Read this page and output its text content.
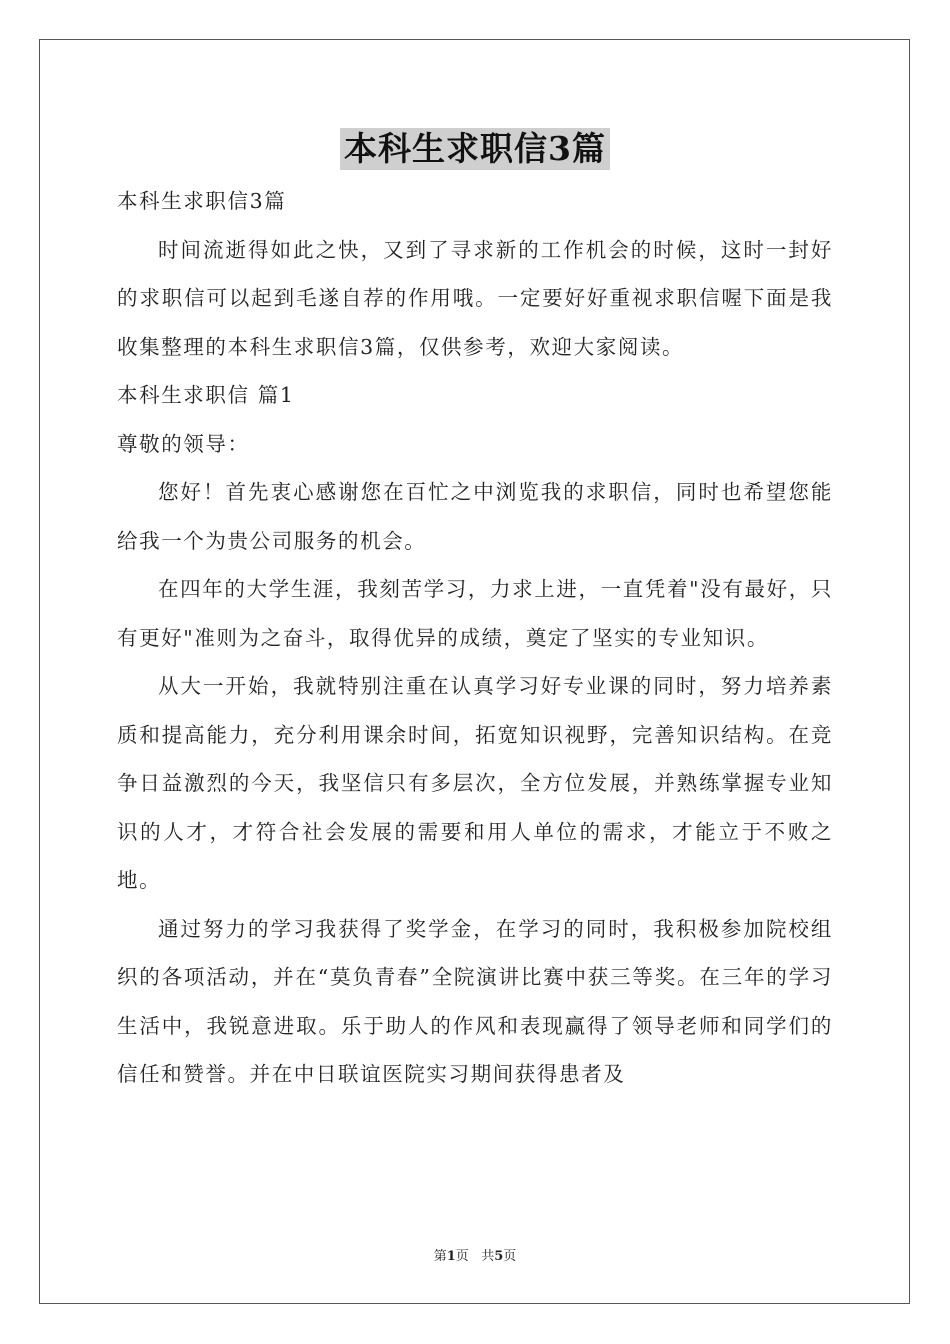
本科生求职信3篇

本科生求职信3篇

时间流逝得如此之快，又到了寻求新的工作机会的时候，这时一封好的求职信可以起到毛遂自荐的作用哦。一定要好好重视求职信喔下面是我收集整理的本科生求职信3篇，仅供参考，欢迎大家阅读。

本科生求职信 篇1

尊敬的领导：

您好！首先衷心感谢您在百忙之中浏览我的求职信，同时也希望您能给我一个为贵公司服务的机会。

在四年的大学生涯，我刻苦学习，力求上进，一直凭着"没有最好，只有更好"准则为之奋斗，取得优异的成绩，奠定了坚实的专业知识。

从大一开始，我就特别注重在认真学习好专业课的同时，努力培养素质和提高能力，充分利用课余时间，拓宽知识视野，完善知识结构。在竞争日益激烈的今天，我坚信只有多层次，全方位发展，并熟练掌握专业知识的人才，才符合社会发展的需要和用人单位的需求，才能立于不败之地。

通过努力的学习我获得了奖学金，在学习的同时，我积极参加院校组织的各项活动，并在“莫负青春”全院演讲比赛中获三等奖。在三年的学习生活中，我锐意进取。乐于助人的作风和表现赢得了领导老师和同学们的信任和赞誉。并在中日联谊医院实习期间获得患者及

第1页 共5页
